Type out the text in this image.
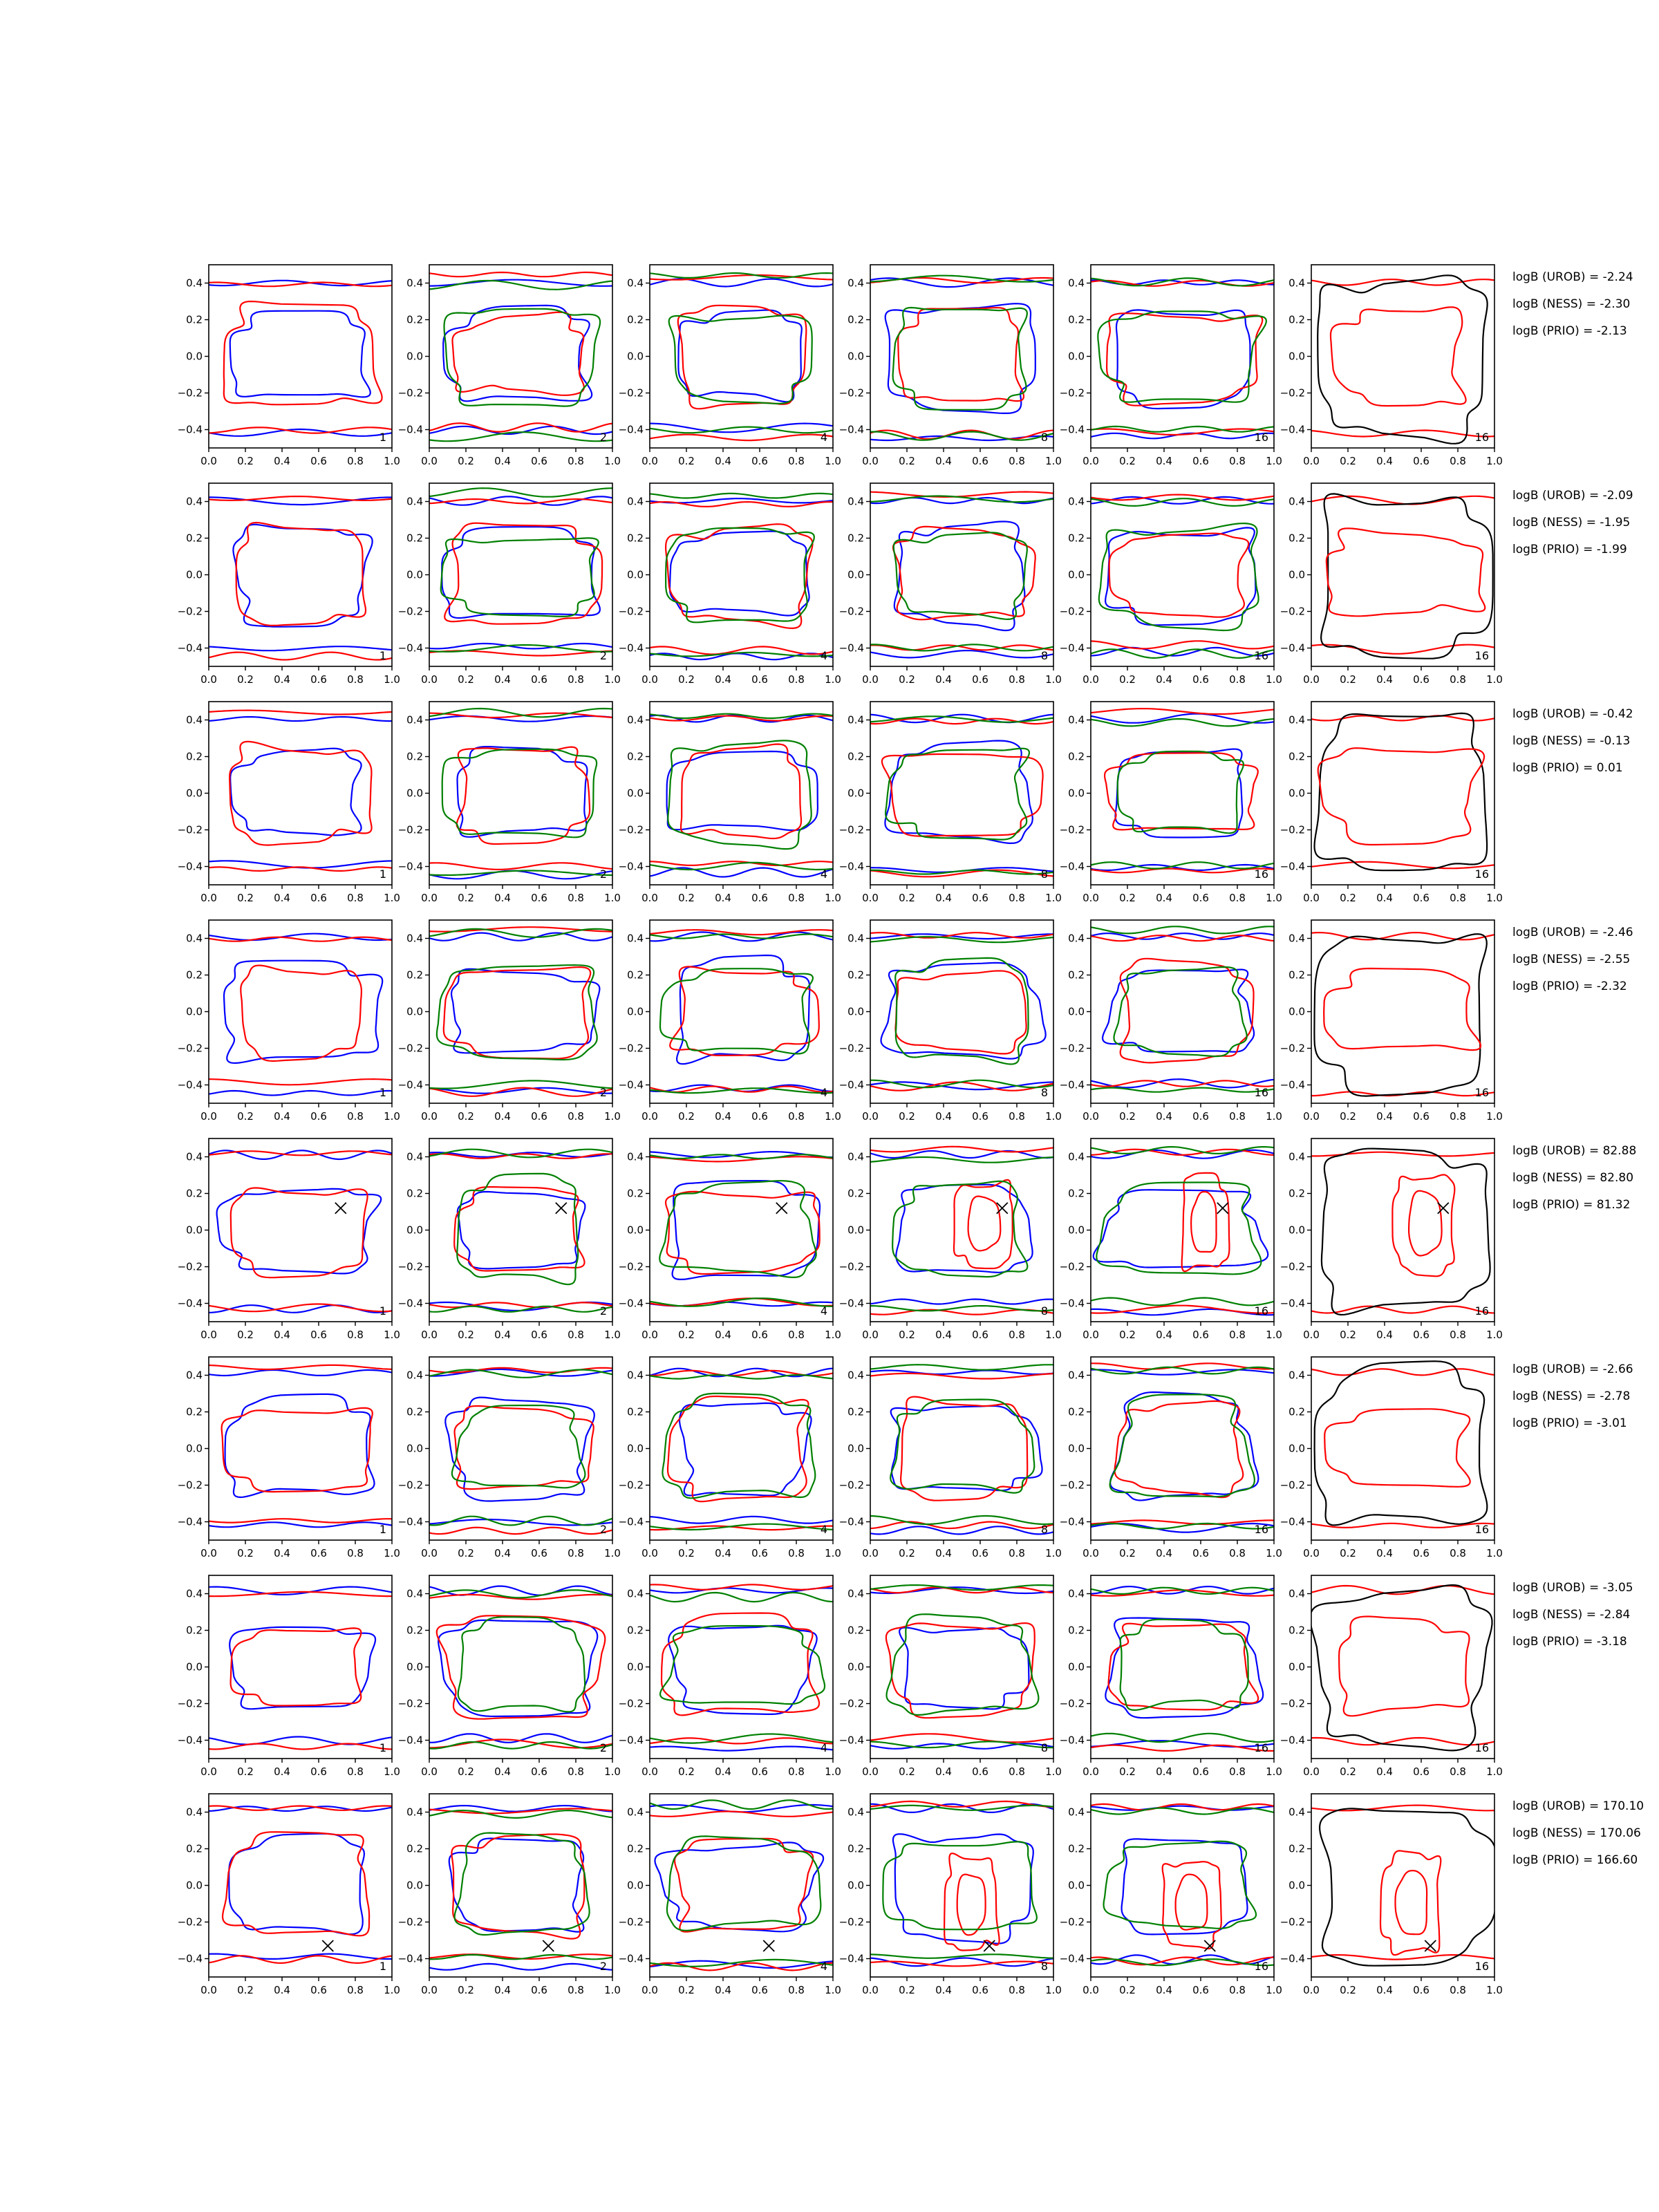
0.0 0.2 0.4 0.6 0.8 1.0
−0.4
−0.2
0.0
0.2
0.4
1
0.0 0.2 0.4 0.6 0.8 1.0
−0.4
−0.2
0.0
0.2
0.4
2
0.0 0.2 0.4 0.6 0.8 1.0
−0.4
−0.2
0.0
0.2
0.4
4
0.0 0.2 0.4 0.6 0.8 1.0
−0.4
−0.2
0.0
0.2
0.4
8
0.0 0.2 0.4 0.6 0.8 1.0
−0.4
−0.2
0.0
0.2
0.4
16
0.0 0.2 0.4 0.6 0.8 1.0
−0.4
−0.2
0.0
0.2
0.4
16
logB (UROB) = -2.24
logB (NESS) = -2.30
logB (PRIO) = -2.13
0.0 0.2 0.4 0.6 0.8 1.0
−0.4
−0.2
0.0
0.2
0.4
1
0.0 0.2 0.4 0.6 0.8 1.0
−0.4
−0.2
0.0
0.2
0.4
2
0.0 0.2 0.4 0.6 0.8 1.0
−0.4
−0.2
0.0
0.2
0.4
4
0.0 0.2 0.4 0.6 0.8 1.0
−0.4
−0.2
0.0
0.2
0.4
8
0.0 0.2 0.4 0.6 0.8 1.0
−0.4
−0.2
0.0
0.2
0.4
16
0.0 0.2 0.4 0.6 0.8 1.0
−0.4
−0.2
0.0
0.2
0.4
16
logB (UROB) = -2.09
logB (NESS) = -1.95
logB (PRIO) = -1.99
0.0 0.2 0.4 0.6 0.8 1.0
−0.4
−0.2
0.0
0.2
0.4
1
0.0 0.2 0.4 0.6 0.8 1.0
−0.4
−0.2
0.0
0.2
0.4
2
0.0 0.2 0.4 0.6 0.8 1.0
−0.4
−0.2
0.0
0.2
0.4
4
0.0 0.2 0.4 0.6 0.8 1.0
−0.4
−0.2
0.0
0.2
0.4
8
0.0 0.2 0.4 0.6 0.8 1.0
−0.4
−0.2
0.0
0.2
0.4
16
0.0 0.2 0.4 0.6 0.8 1.0
−0.4
−0.2
0.0
0.2
0.4
16
logB (UROB) = -0.42
logB (NESS) = -0.13
logB (PRIO) = 0.01
0.0 0.2 0.4 0.6 0.8 1.0
−0.4
−0.2
0.0
0.2
0.4
1
0.0 0.2 0.4 0.6 0.8 1.0
−0.4
−0.2
0.0
0.2
0.4
2
0.0 0.2 0.4 0.6 0.8 1.0
−0.4
−0.2
0.0
0.2
0.4
4
0.0 0.2 0.4 0.6 0.8 1.0
−0.4
−0.2
0.0
0.2
0.4
8
0.0 0.2 0.4 0.6 0.8 1.0
−0.4
−0.2
0.0
0.2
0.4
16
0.0 0.2 0.4 0.6 0.8 1.0
−0.4
−0.2
0.0
0.2
0.4
16
logB (UROB) = -2.46
logB (NESS) = -2.55
logB (PRIO) = -2.32
0.0 0.2 0.4 0.6 0.8 1.0
−0.4
−0.2
0.0
0.2
0.4
1
0.0 0.2 0.4 0.6 0.8 1.0
−0.4
−0.2
0.0
0.2
0.4
2
0.0 0.2 0.4 0.6 0.8 1.0
−0.4
−0.2
0.0
0.2
0.4
4
0.0 0.2 0.4 0.6 0.8 1.0
−0.4
−0.2
0.0
0.2
0.4
8
0.0 0.2 0.4 0.6 0.8 1.0
−0.4
−0.2
0.0
0.2
0.4
16
0.0 0.2 0.4 0.6 0.8 1.0
−0.4
−0.2
0.0
0.2
0.4
16
logB (UROB) = 82.88
logB (NESS) = 82.80
logB (PRIO) = 81.32
0.0 0.2 0.4 0.6 0.8 1.0
−0.4
−0.2
0.0
0.2
0.4
1
0.0 0.2 0.4 0.6 0.8 1.0
−0.4
−0.2
0.0
0.2
0.4
2
0.0 0.2 0.4 0.6 0.8 1.0
−0.4
−0.2
0.0
0.2
0.4
4
0.0 0.2 0.4 0.6 0.8 1.0
−0.4
−0.2
0.0
0.2
0.4
8
0.0 0.2 0.4 0.6 0.8 1.0
−0.4
−0.2
0.0
0.2
0.4
16
0.0 0.2 0.4 0.6 0.8 1.0
−0.4
−0.2
0.0
0.2
0.4
16
logB (UROB) = -2.66
logB (NESS) = -2.78
logB (PRIO) = -3.01
0.0 0.2 0.4 0.6 0.8 1.0
−0.4
−0.2
0.0
0.2
0.4
1
0.0 0.2 0.4 0.6 0.8 1.0
−0.4
−0.2
0.0
0.2
0.4
2
0.0 0.2 0.4 0.6 0.8 1.0
−0.4
−0.2
0.0
0.2
0.4
4
0.0 0.2 0.4 0.6 0.8 1.0
−0.4
−0.2
0.0
0.2
0.4
8
0.0 0.2 0.4 0.6 0.8 1.0
−0.4
−0.2
0.0
0.2
0.4
16
0.0 0.2 0.4 0.6 0.8 1.0
−0.4
−0.2
0.0
0.2
0.4
16
logB (UROB) = -3.05
logB (NESS) = -2.84
logB (PRIO) = -3.18
0.0 0.2 0.4 0.6 0.8 1.0
−0.4
−0.2
0.0
0.2
0.4
1
0.0 0.2 0.4 0.6 0.8 1.0
−0.4
−0.2
0.0
0.2
0.4
2
0.0 0.2 0.4 0.6 0.8 1.0
−0.4
−0.2
0.0
0.2
0.4
4
0.0 0.2 0.4 0.6 0.8 1.0
−0.4
−0.2
0.0
0.2
0.4
8
0.0 0.2 0.4 0.6 0.8 1.0
−0.4
−0.2
0.0
0.2
0.4
16
0.0 0.2 0.4 0.6 0.8 1.0
−0.4
−0.2
0.0
0.2
0.4
16
logB (UROB) = 170.10
logB (NESS) = 170.06
logB (PRIO) = 166.60
